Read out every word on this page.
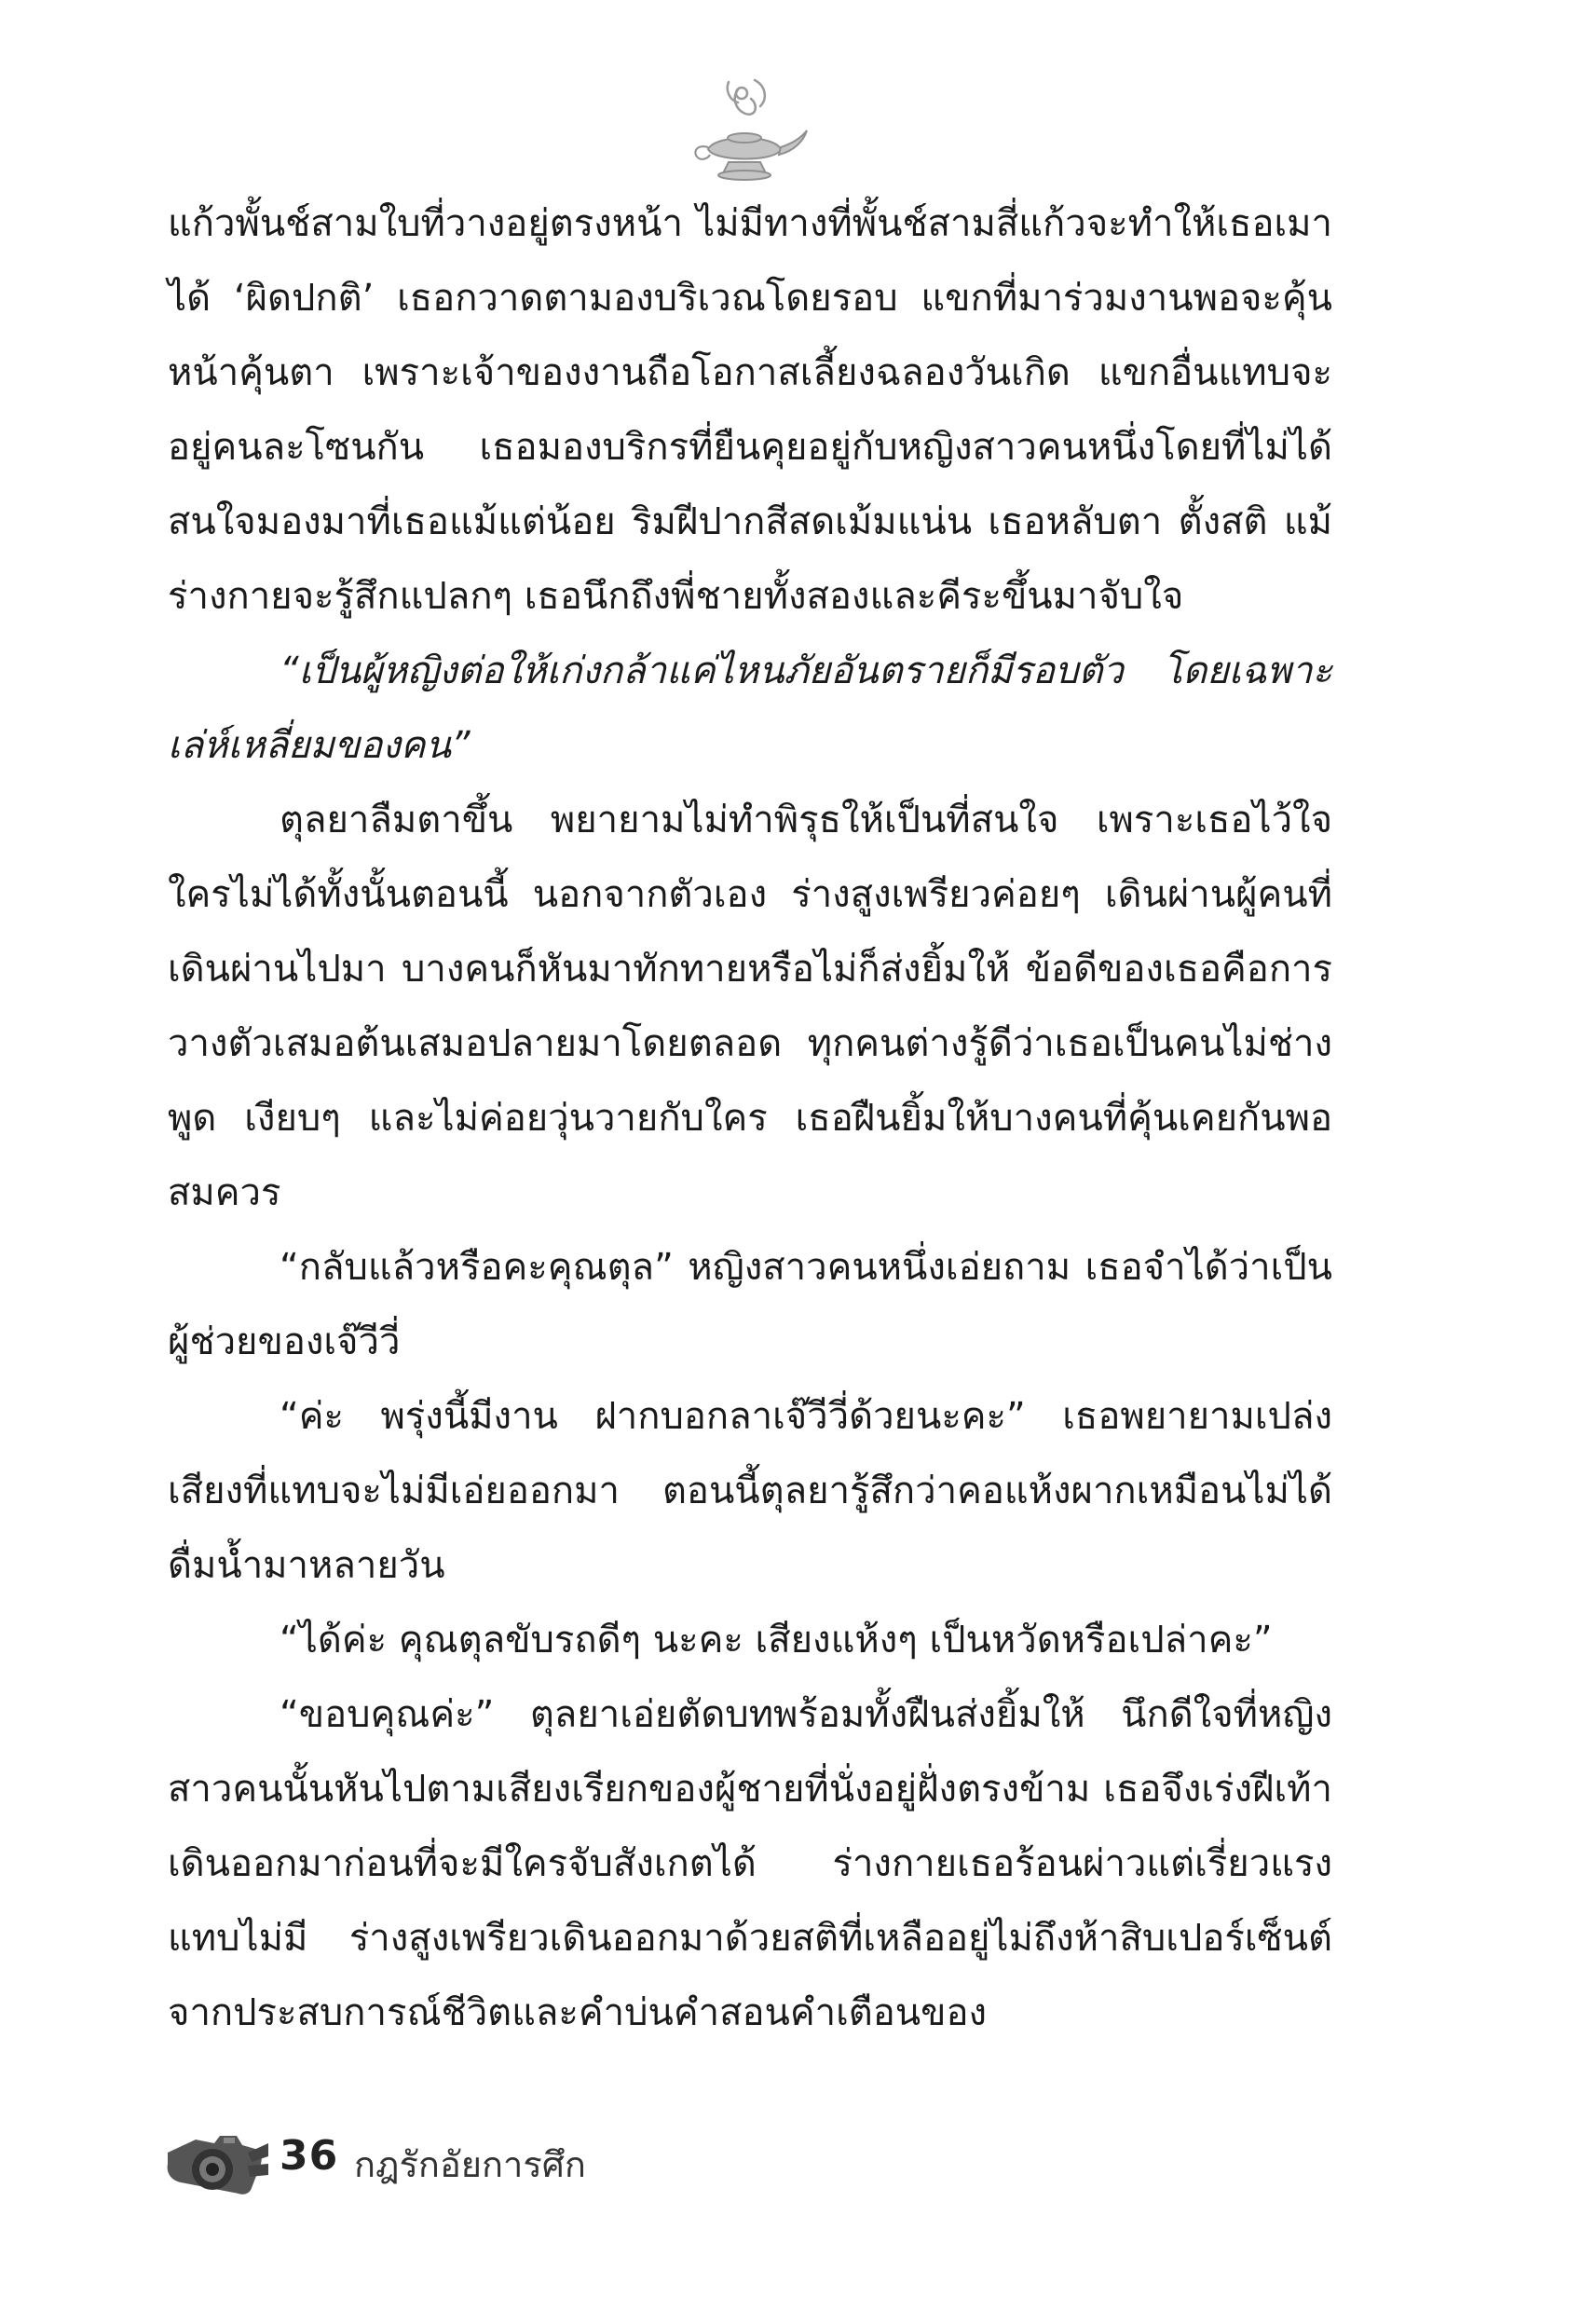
แก้วพั้นช์สามใบที่วางอยู่ตรงหน้า ไม่มีทางที่พั้นช์สามสี่แก้วจะทำให้เธอเมาได้ ‘ผิดปกติ’ เธอกวาดตามองบริเวณโดยรอบ แขกที่มาร่วมงานพอจะคุ้นหน้าคุ้นตา เพราะเจ้าของงานถือโอกาสเลี้ยงฉลองวันเกิด แขกอื่นแทบจะอยู่คนละโซนกัน เธอมองบริกรที่ยืนคุยอยู่กับหญิงสาวคนหนึ่งโดยที่ไม่ได้สนใจมองมาที่เธอแม้แต่น้อย ริมฝีปากสีสดเม้มแน่น เธอหลับตา ตั้งสติ แม้ร่างกายจะรู้สึกแปลกๆ เธอนึกถึงพี่ชายทั้งสองและคีระขึ้นมาจับใจ

“เป็นผู้หญิงต่อให้เก่งกล้าแค่ไหนภัยอันตรายก็มีรอบตัว โดยเฉพาะเล่ห์เหลี่ยมของคน”

ตุลยาลืมตาขึ้น พยายามไม่ทำพิรุธให้เป็นที่สนใจ เพราะเธอไว้ใจใครไม่ได้ทั้งนั้นตอนนี้ นอกจากตัวเอง ร่างสูงเพรียวค่อยๆ เดินผ่านผู้คนที่เดินผ่านไปมา บางคนก็หันมาทักทายหรือไม่ก็ส่งยิ้มให้ ข้อดีของเธอคือการวางตัวเสมอต้นเสมอปลายมาโดยตลอด ทุกคนต่างรู้ดีว่าเธอเป็นคนไม่ช่างพูด เงียบๆ และไม่ค่อยวุ่นวายกับใคร เธอฝืนยิ้มให้บางคนที่คุ้นเคยกันพอสมควร

“กลับแล้วหรือคะคุณตุล” หญิงสาวคนหนึ่งเอ่ยถาม เธอจำได้ว่าเป็นผู้ช่วยของเจ๊วีวี่

“ค่ะ พรุ่งนี้มีงาน ฝากบอกลาเจ๊วีวี่ด้วยนะคะ” เธอพยายามเปล่งเสียงที่แทบจะไม่มีเอ่ยออกมา ตอนนี้ตุลยารู้สึกว่าคอแห้งผากเหมือนไม่ได้ดื่มน้ำมาหลายวัน

“ได้ค่ะ คุณตุลขับรถดีๆ นะคะ เสียงแห้งๆ เป็นหวัดหรือเปล่าคะ”

“ขอบคุณค่ะ” ตุลยาเอ่ยตัดบทพร้อมทั้งฝืนส่งยิ้มให้ นึกดีใจที่หญิงสาวคนนั้นหันไปตามเสียงเรียกของผู้ชายที่นั่งอยู่ฝั่งตรงข้าม เธอจึงเร่งฝีเท้าเดินออกมาก่อนที่จะมีใครจับสังเกตได้ ร่างกายเธอร้อนผ่าวแต่เรี่ยวแรงแทบไม่มี ร่างสูงเพรียวเดินออกมาด้วยสติที่เหลืออยู่ไม่ถึงห้าสิบเปอร์เซ็นต์ จากประสบการณ์ชีวิตและคำบ่นคำสอนคำเตือนของ

36 กฎรักอัยการศึก
